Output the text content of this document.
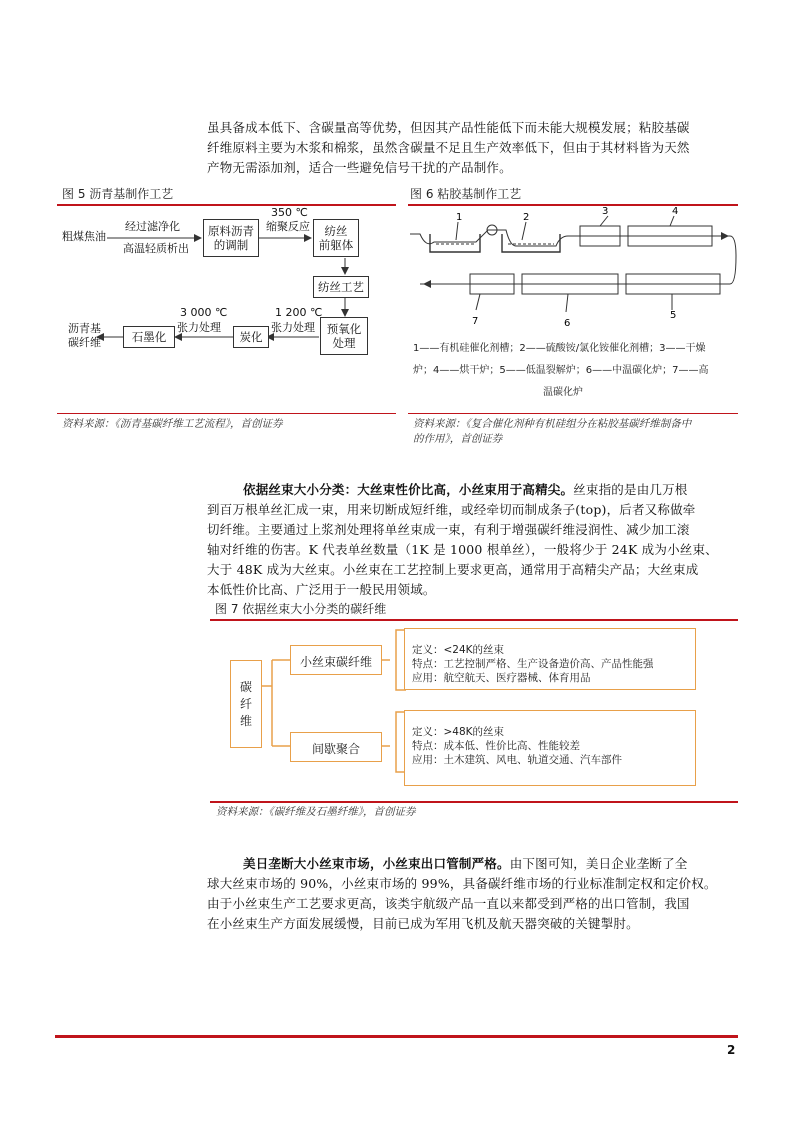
虽具备成本低下、含碳量高等优势，但因其产品性能低下而未能大规模发展；粘胶基碳
纤维原料主要为木浆和棉浆，虽然含碳量不足且生产效率低下，但由于其材料皆为天然
产物无需添加剂，适合一些避免信号干扰的产品制作。
图 5 沥青基制作工艺
粗煤焦油
经过滤净化
高温轻质析出
原料沥青
的调制
350 ℃
缩聚反应	纺丝
前躯体
纺丝工艺
预氧化
处理
1 200 ℃
张力处理
炭化
3 000 ℃
张力处理
石墨化
沥青基
碳纤维
资料来源：《沥青基碳纤维工艺流程》，首创证券
图 6 粘胶基制作工艺
1	2
3	4
7	6
5
1——有机硅催化剂槽；2——硫酸铵/氯化铵催化剂槽；3——干燥
炉；4——烘干炉；5——低温裂解炉；6——中温碳化炉；7——高
温碳化炉
资料来源：《复合催化剂种有机硅组分在粘胶基碳纤维制备中
的作用》，首创证券
依据丝束大小分类：大丝束性价比高，小丝束用于高精尖。丝束指的是由几万根
到百万根单丝汇成一束，用来切断成短纤维，或经牵切而制成条子(top)，后者又称做牵
切纤维。主要通过上浆剂处理将单丝束成一束，有利于增强碳纤维浸润性、减少加工滚
轴对纤维的伤害。K 代表单丝数量（1K 是 1000 根单丝），一般将少于 24K 成为小丝束、
大于 48K 成为大丝束。小丝束在工艺控制上要求更高，通常用于高精尖产品；大丝束成
本低性价比高、广泛用于一般民用领域。
图 7 依据丝束大小分类的碳纤维
碳
纤
维
小丝束碳纤维
间歇聚合
定义：<24K的丝束
特点：工艺控制严格、生产设备造价高、产品性能强
应用：航空航天、医疗器械、体育用品
定义：>48K的丝束
特点：成本低、性价比高、性能较差
应用：土木建筑、风电、轨道交通、汽车部件
资料来源：《碳纤维及石墨纤维》，首创证券
美日垄断大小丝束市场，小丝束出口管制严格。由下图可知，美日企业垄断了全
球大丝束市场的 90%，小丝束市场的 99%，具备碳纤维市场的行业标准制定权和定价权。
由于小丝束生产工艺要求更高，该类宇航级产品一直以来都受到严格的出口管制，我国
在小丝束生产方面发展缓慢，目前已成为军用飞机及航天器突破的关键掣肘。
2
